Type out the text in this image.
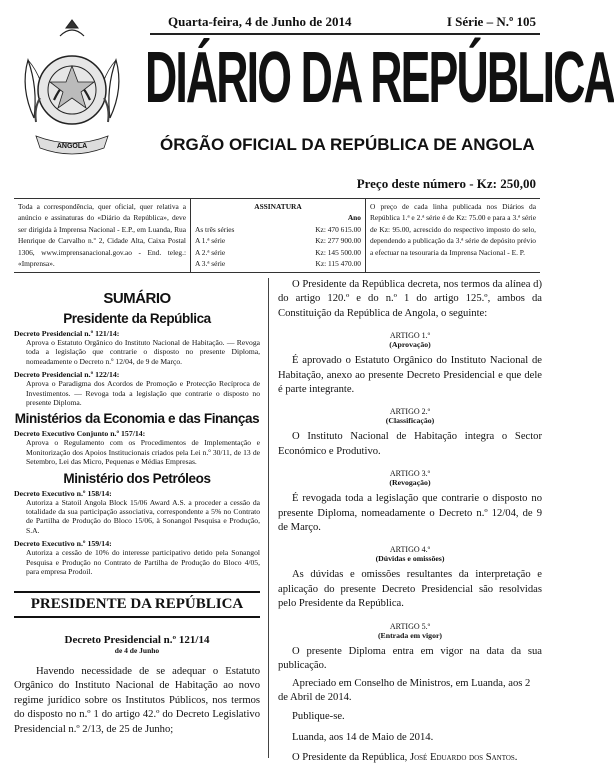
ANGOLA
Quarta-feira, 4 de Junho de 2014	I Série – N.º 105
DIÁRIO DA REPÚBLICA
ÓRGÃO OFICIAL DA REPÚBLICA DE ANGOLA
Preço deste número - Kz: 250,00
Toda a correspondência, quer oficial, quer relativa a anúncio e assinaturas do «Diário da República», deve ser dirigida à Imprensa Nacional - E.P., em Luanda, Rua Henrique de Carvalho n.º 2, Cidade Alta, Caixa Postal 1306, www.imprensanacional.gov.ao - End. teleg.: «Imprensa».
ASSINATURA
Ano
As três séries	Kz: 470 615.00
A 1.ª série	Kz: 277 900.00
A 2.ª série	Kz: 145 500.00
A 3.ª série	Kz: 115 470.00
O preço de cada linha publicada nos Diários da República 1.ª e 2.ª série é de Kz: 75.00 e para a 3.ª série de Kz: 95.00, acrescido do respectivo imposto do selo, dependendo a publicação da 3.ª série de depósito prévio a efectuar na tesouraria da Imprensa Nacional - E. P.
SUMÁRIO
Presidente da República
Decreto Presidencial n.º 121/14:
Aprova o Estatuto Orgânico do Instituto Nacional de Habitação. — Revoga toda a legislação que contrarie o disposto no presente Diploma, nomeadamente o Decreto n.º 12/04, de 9 de Março.
Decreto Presidencial n.º 122/14:
Aprova o Paradigma dos Acordos de Promoção e Protecção Recíproca de Investimentos. — Revoga toda a legislação que contrarie o disposto no presente Diploma.
Ministérios da Economia e das Finanças
Decreto Executivo Conjunto n.º 157/14:
Aprova o Regulamento com os Procedimentos de Implementação e Monitorização dos Apoios Institucionais criados pela Lei n.º 30/11, de 13 de Setembro, Lei das Micro, Pequenas e Médias Empresas.
Ministério dos Petróleos
Decreto Executivo n.º 158/14:
Autoriza a Statoil Angola Block 15/06 Award A.S. a proceder a cessão da totalidade da sua participação associativa, correspondente a 5% no Contrato de Partilha de Produção do Bloco 15/06, à Sonangol Pesquisa e Produção, S.A.
Decreto Executivo n.º 159/14:
Autoriza a cessão de 10% do interesse participativo detido pela Sonangol Pesquisa e Produção no Contrato de Partilha de Produção do Bloco 4/05, para empresa Prodoil.
PRESIDENTE DA REPÚBLICA
Decreto Presidencial n.º 121/14
de 4 de Junho
Havendo necessidade de se adequar o Estatuto Orgânico do Instituto Nacional de Habitação ao novo regime jurídico sobre os Institutos Públicos, nos termos do disposto no n.º 1 do artigo 42.º do Decreto Legislativo Presidencial n.º 2/13, de 25 de Junho;
O Presidente da República decreta, nos termos da alínea d) do artigo 120.º e do n.º 1 do artigo 125.º, ambos da Constituição da República de Angola, o seguinte:
ARTIGO 1.º
(Aprovação)
É aprovado o Estatuto Orgânico do Instituto Nacional de Habitação, anexo ao presente Decreto Presidencial e que dele é parte integrante.
ARTIGO 2.º
(Classificação)
O Instituto Nacional de Habitação integra o Sector Económico e Produtivo.
ARTIGO 3.º
(Revogação)
É revogada toda a legislação que contrarie o disposto no presente Diploma, nomeadamente o Decreto n.º 12/04, de 9 de Março.
ARTIGO 4.º
(Dúvidas e omissões)
As dúvidas e omissões resultantes da interpretação e aplicação do presente Decreto Presidencial são resolvidas pelo Presidente da República.
ARTIGO 5.º
(Entrada em vigor)
O presente Diploma entra em vigor na data da sua publicação.
Apreciado em Conselho de Ministros, em Luanda, aos 2 de Abril de 2014.
Publique-se.
Luanda, aos 14 de Maio de 2014.
O Presidente da República, José Eduardo dos Santos.
